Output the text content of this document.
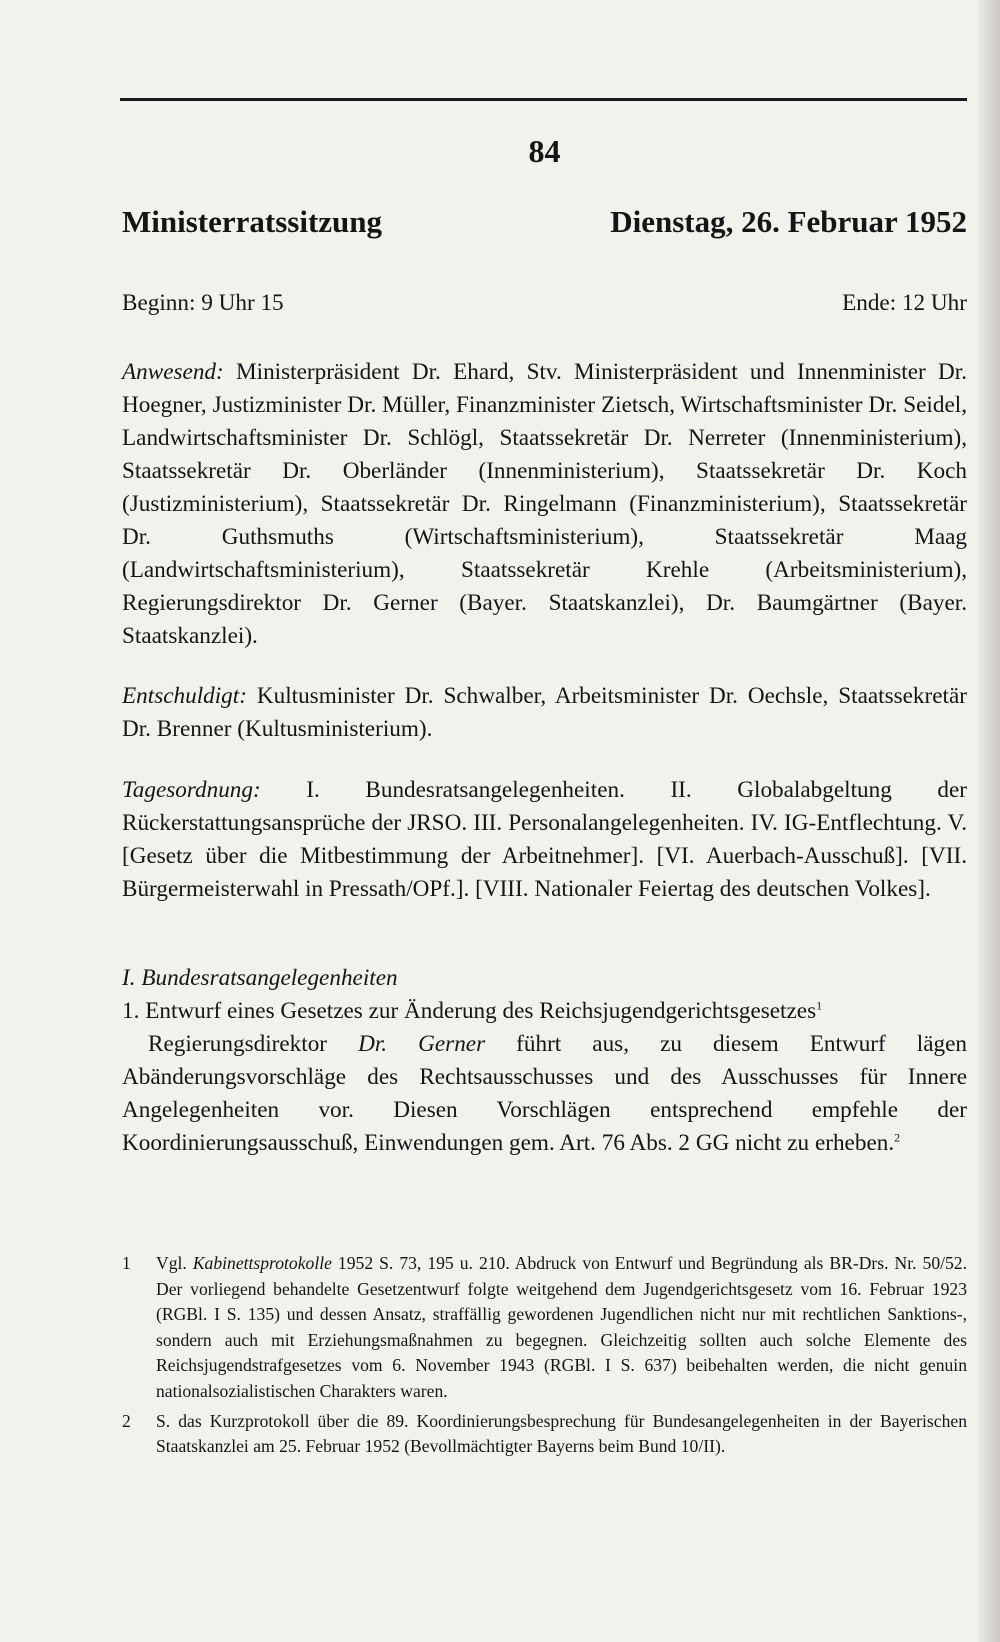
84
Ministerratssitzung	Dienstag, 26. Februar 1952
Beginn: 9 Uhr 15	Ende: 12 Uhr

Anwesend: Ministerpräsident Dr. Ehard, Stv. Ministerpräsident und Innenminister Dr. Hoegner, Justizminister Dr. Müller, Finanzminister Zietsch, Wirtschaftsminister Dr. Seidel, Landwirtschaftsminister Dr. Schlögl, Staatssekretär Dr. Nerreter (Innenministerium), Staatssekretär Dr. Oberländer (Innenministerium), Staatssekretär Dr. Koch (Justizministerium), Staatssekretär Dr. Ringelmann (Finanzministerium), Staatssekretär Dr. Guthsmuths (Wirtschaftsministerium), Staatssekretär Maag (Landwirtschaftsministerium), Staatssekretär Krehle (Arbeitsministerium), Regierungsdirektor Dr. Gerner (Bayer. Staatskanzlei), Dr. Baumgärtner (Bayer. Staatskanzlei).

Entschuldigt: Kultusminister Dr. Schwalber, Arbeitsminister Dr. Oechsle, Staatssekretär Dr. Brenner (Kultusministerium).

Tagesordnung: I. Bundesratsangelegenheiten. II. Globalabgeltung der Rückerstattungsansprüche der JRSO. III. Personalangelegenheiten. IV. IG-Entflechtung. V. [Gesetz über die Mitbestimmung der Arbeitnehmer]. [VI. Auerbach-Ausschuß]. [VII. Bürgermeisterwahl in Pressath/OPf.]. [VIII. Nationaler Feiertag des deutschen Volkes].

I. Bundesratsangelegenheiten

1. Entwurf eines Gesetzes zur Änderung des Reichsjugendgerichtsgesetzes$^1$

Regierungsdirektor Dr. Gerner führt aus, zu diesem Entwurf lägen Abänderungsvorschläge des Rechtsausschusses und des Ausschusses für Innere Angelegenheiten vor. Diesen Vorschlägen entsprechend empfehle der Koordinierungsausschuß, Einwendungen gem. Art. 76 Abs. 2 GG nicht zu erheben.$^2$

1	Vgl. Kabinettsprotokolle 1952 S. 73, 195 u. 210. Abdruck von Entwurf und Begründung als BR-Drs. Nr. 50/52. Der vorliegend behandelte Gesetzentwurf folgte weitgehend dem Jugendgerichtsgesetz vom 16. Februar 1923 (RGBl. I S. 135) und dessen Ansatz, straffällig gewordenen Jugendlichen nicht nur mit rechtlichen Sanktions-, sondern auch mit Erziehungsmaßnahmen zu begegnen. Gleichzeitig sollten auch solche Elemente des Reichsjugendstrafgesetzes vom 6. November 1943 (RGBl. I S. 637) beibehalten werden, die nicht genuin nationalsozialistischen Charakters waren.
2	S. das Kurzprotokoll über die 89. Koordinierungsbesprechung für Bundesangelegenheiten in der Bayerischen Staatskanzlei am 25. Februar 1952 (Bevollmächtigter Bayerns beim Bund 10/II).
